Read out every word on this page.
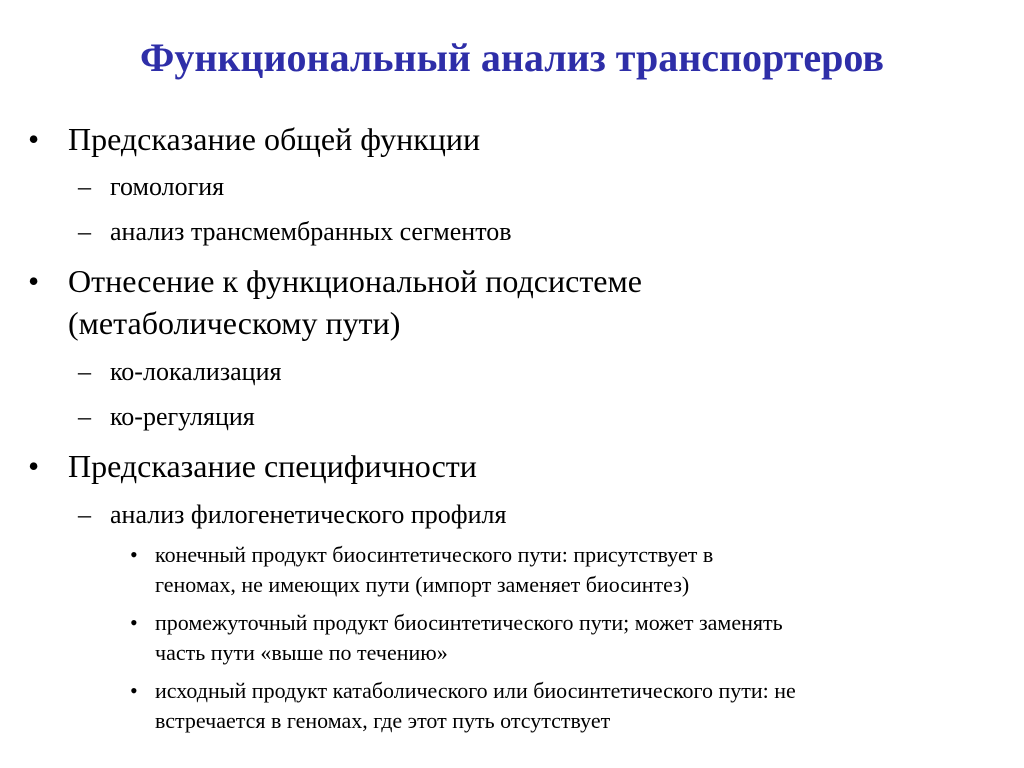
Функциональный анализ транспортеров
• Предсказание общей функции
– гомология
– анализ трансмембранных сегментов
• Отнесение к функциональной подсистеме
(метаболическому пути)
– ко-локализация
– ко-регуляция
• Предсказание специфичности
– анализ филогенетического профиля
• конечный продукт биосинтетического пути: присутствует в
геномах, не имеющих пути (импорт заменяет биосинтез)
• промежуточный продукт биосинтетического пути; может заменять
часть пути «выше по течению»
• исходный продукт катаболического или биосинтетического пути: не
встречается в геномах, где этот путь отсутствует
